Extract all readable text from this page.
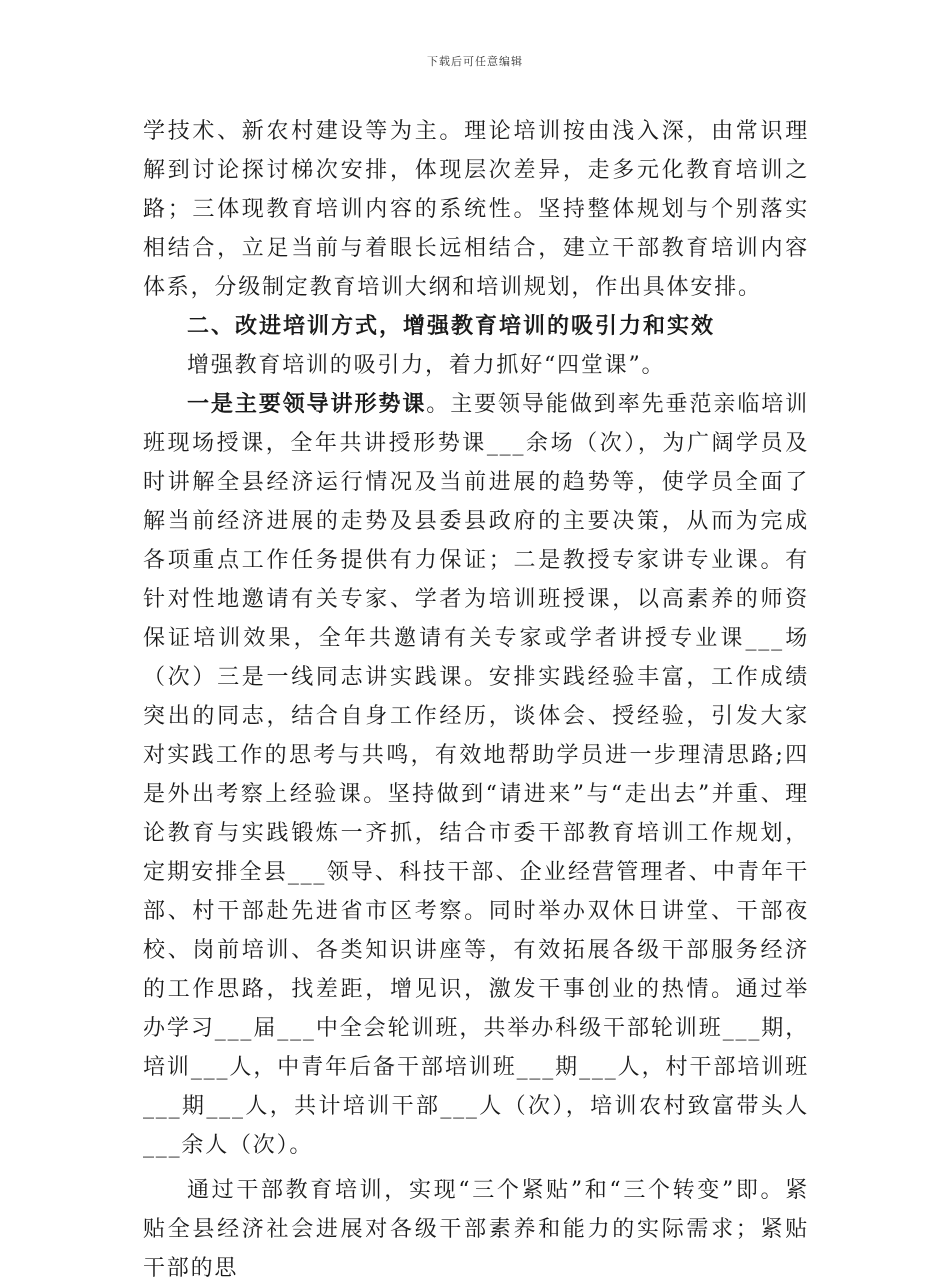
下载后可任意编辑

学技术、新农村建设等为主。理论培训按由浅入深，由常识理解到讨论探讨梯次安排，体现层次差异，走多元化教育培训之路；三体现教育培训内容的系统性。坚持整体规划与个别落实相结合，立足当前与着眼长远相结合，建立干部教育培训内容体系，分级制定教育培训大纲和培训规划，作出具体安排。

二、改进培训方式，增强教育培训的吸引力和实效

增强教育培训的吸引力，着力抓好“四堂课”。

一是主要领导讲形势课。主要领导能做到率先垂范亲临培训班现场授课，全年共讲授形势课___余场（次），为广阔学员及时讲解全县经济运行情况及当前进展的趋势等，使学员全面了解当前经济进展的走势及县委县政府的主要决策，从而为完成各项重点工作任务提供有力保证；二是教授专家讲专业课。有针对性地邀请有关专家、学者为培训班授课，以高素养的师资保证培训效果，全年共邀请有关专家或学者讲授专业课___场（次）三是一线同志讲实践课。安排实践经验丰富，工作成绩突出的同志，结合自身工作经历，谈体会、授经验，引发大家对实践工作的思考与共鸣，有效地帮助学员进一步理清思路;四是外出考察上经验课。坚持做到“请进来”与“走出去”并重、理论教育与实践锻炼一齐抓，结合市委干部教育培训工作规划，定期安排全县___领导、科技干部、企业经营管理者、中青年干部、村干部赴先进省市区考察。同时举办双休日讲堂、干部夜校、岗前培训、各类知识讲座等，有效拓展各级干部服务经济的工作思路，找差距，增见识，激发干事创业的热情。通过举办学习___届___中全会轮训班，共举办科级干部轮训班___期，培训___人，中青年后备干部培训班___期___人，村干部培训班___期___人，共计培训干部___人（次），培训农村致富带头人___余人（次）。

通过干部教育培训，实现“三个紧贴”和“三个转变”即。紧贴全县经济社会进展对各级干部素养和能力的实际需求；紧贴干部的思
